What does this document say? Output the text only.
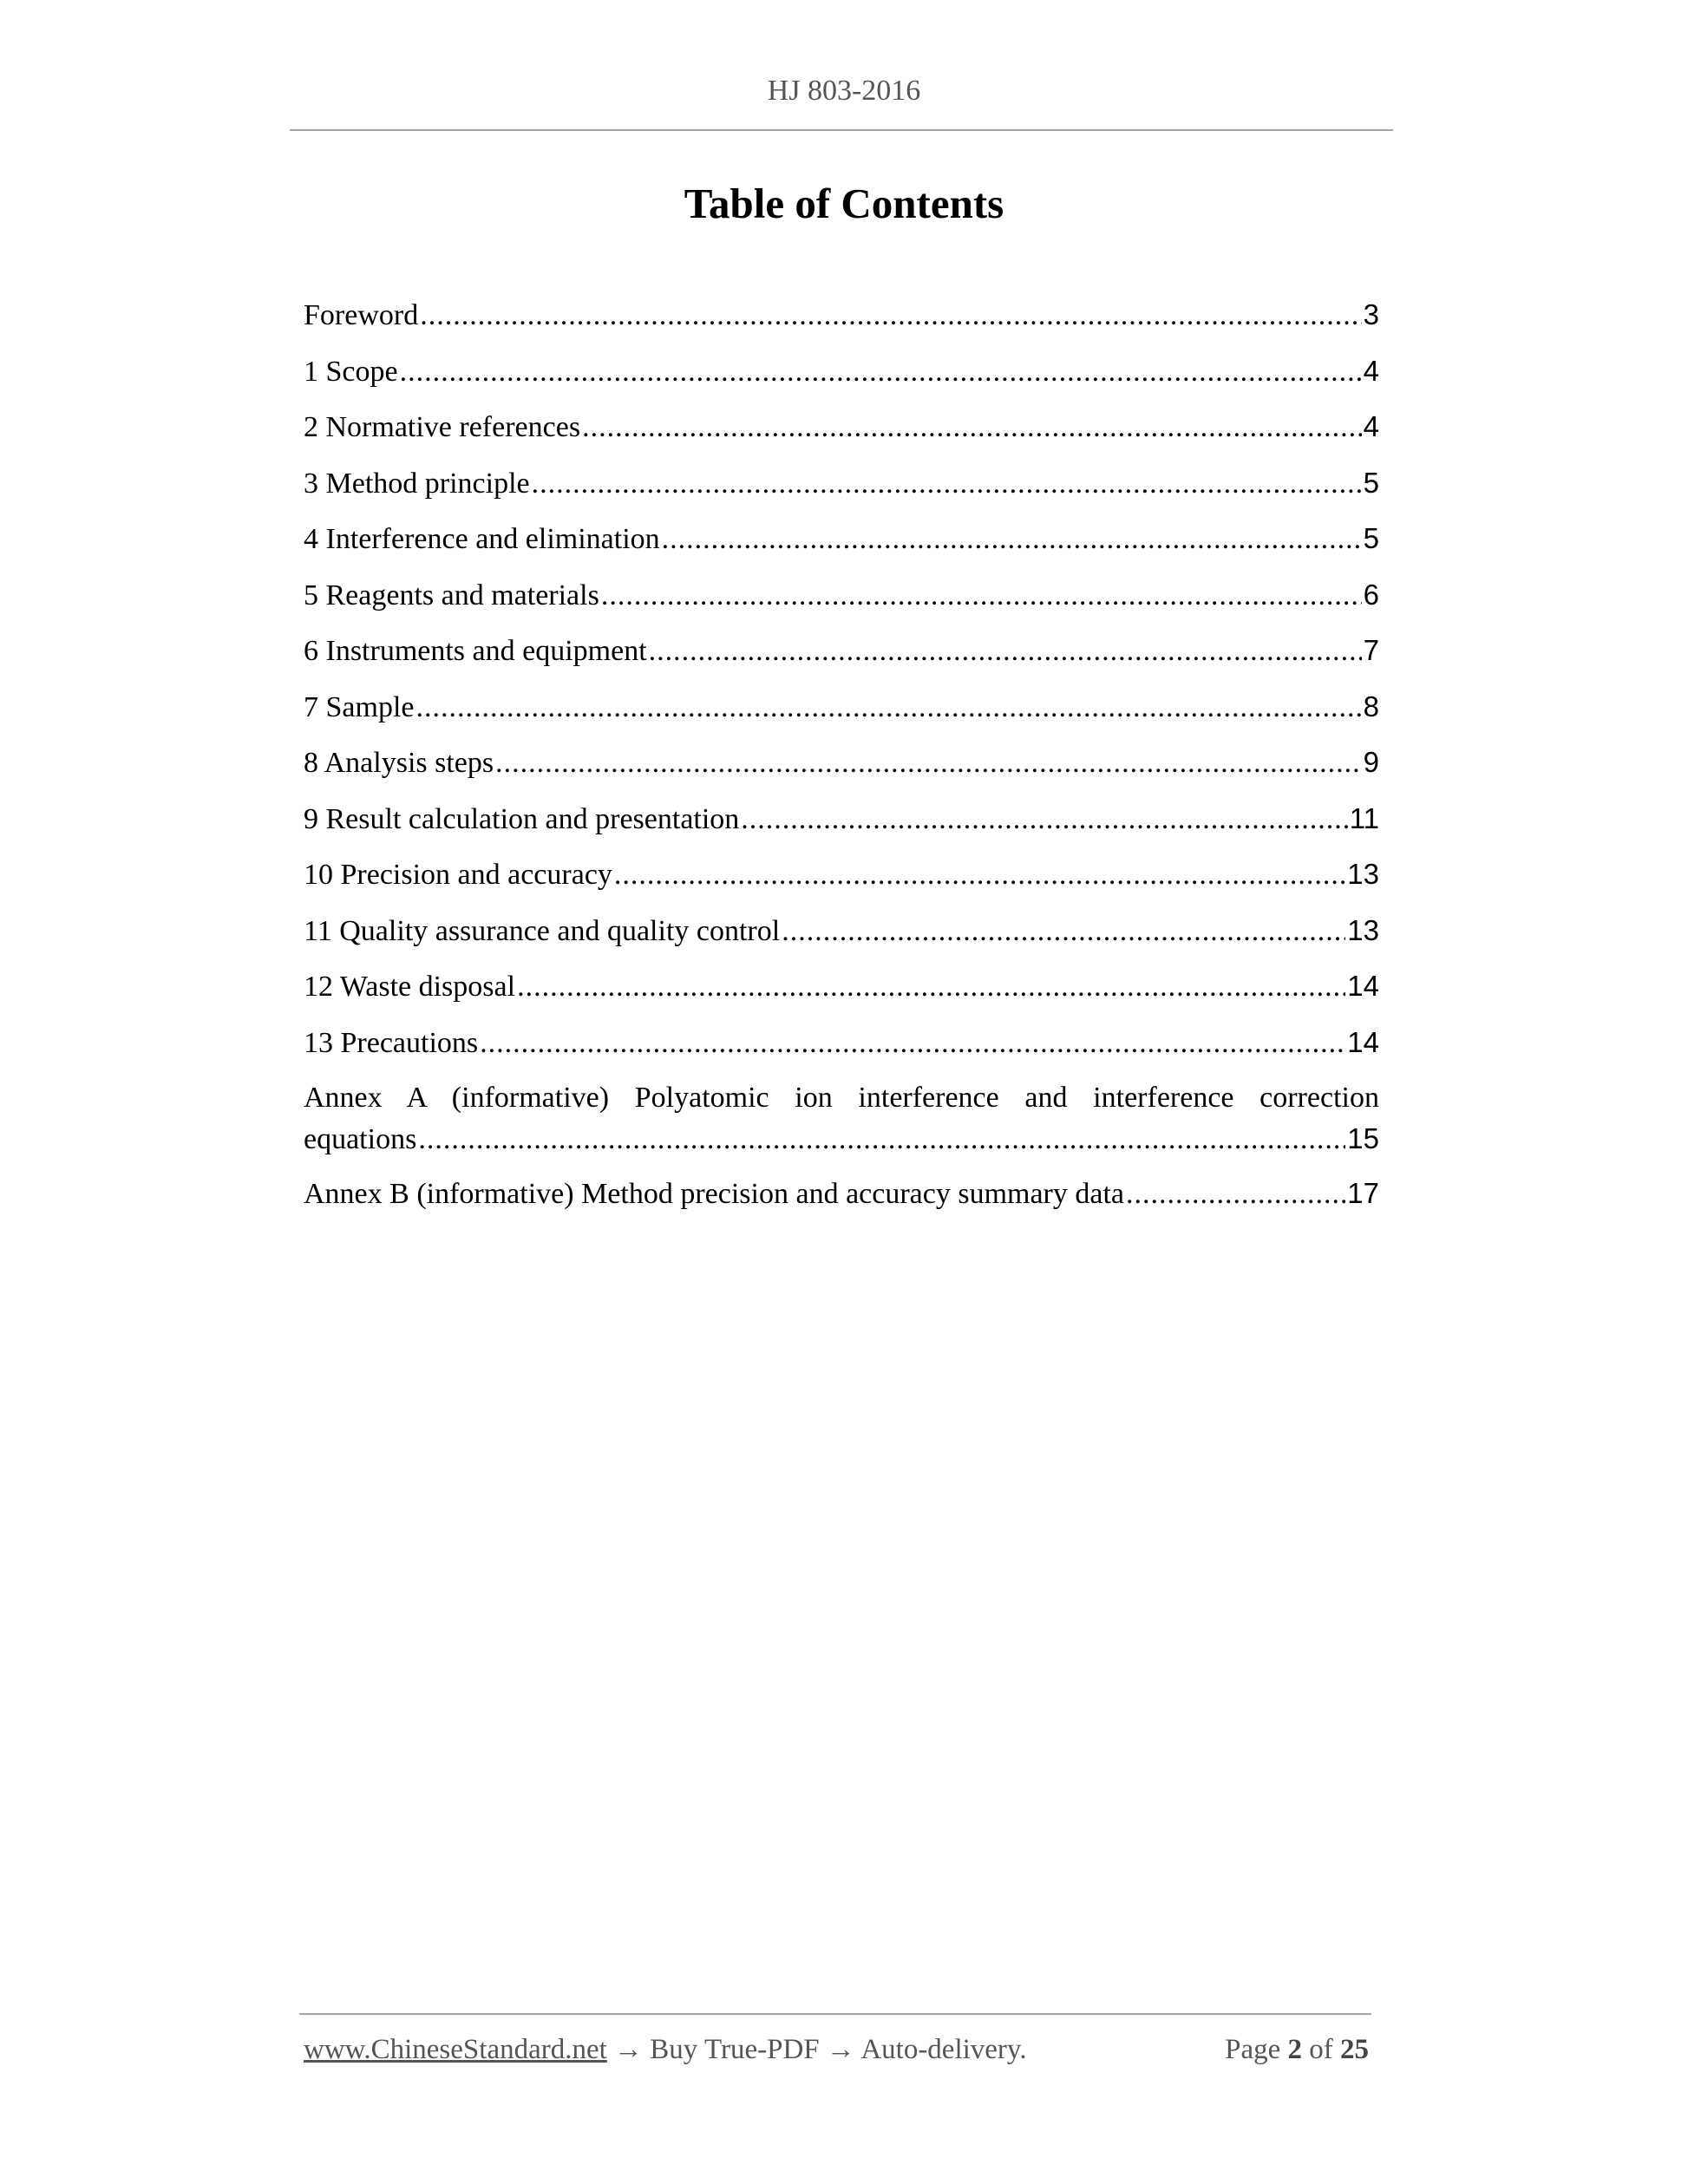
HJ 803-2016
Table of Contents
Foreword .....	3
1 Scope .....	4
2 Normative references .....	4
3 Method principle .....	5
4 Interference and elimination .....	5
5 Reagents and materials .....	6
6 Instruments and equipment .....	7
7 Sample .....	8
8 Analysis steps .....	9
9 Result calculation and presentation .....	11
10 Precision and accuracy .....	13
11 Quality assurance and quality control .....	13
12 Waste disposal .....	14
13 Precautions .....	14
Annex A (informative) Polyatomic ion interference and interference correction
equations .....	15
Annex B (informative) Method precision and accuracy summary data .....	17
www.ChineseStandard.net → Buy True-PDF → Auto-delivery.	Page 2 of 25
